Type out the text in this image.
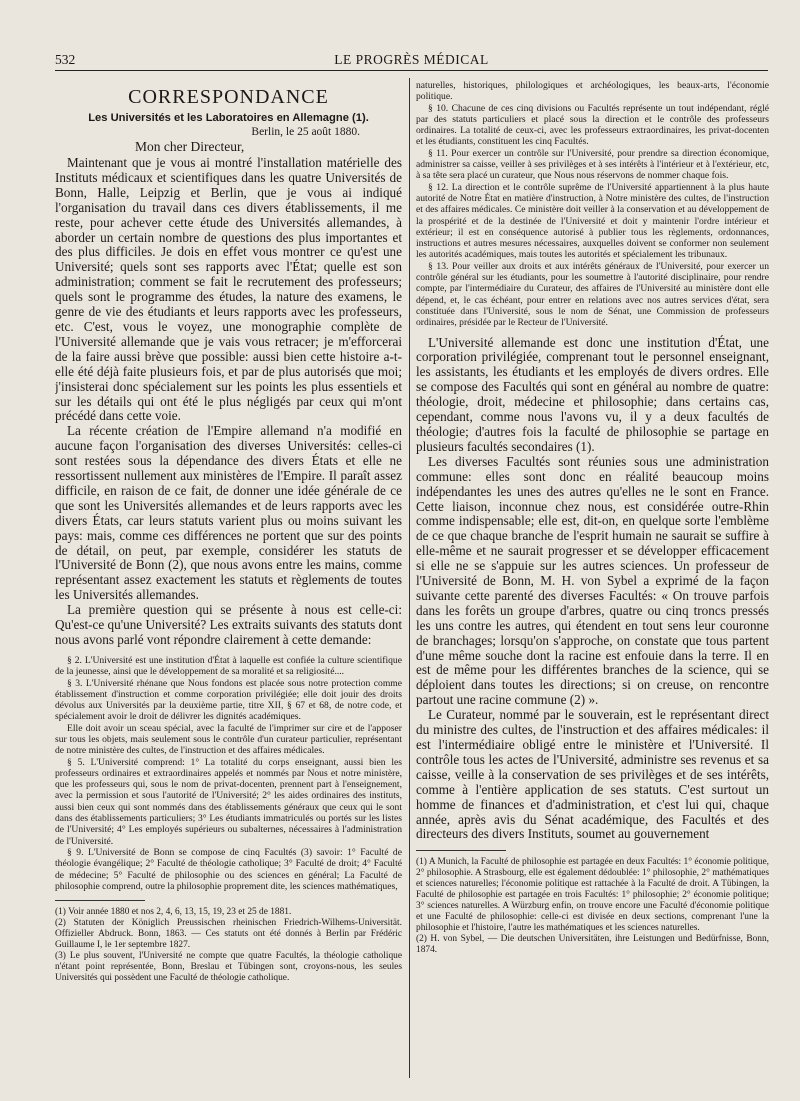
532	LE PROGRÈS MÉDICAL
CORRESPONDANCE
Les Universités et les Laboratoires en Allemagne (1).
Berlin, le 25 août 1880.
Mon cher Directeur,

Maintenant que je vous ai montré l'installation matérielle des Instituts médicaux et scientifiques dans les quatre Universités de Bonn, Halle, Leipzig et Berlin, que je vous ai indiqué l'organisation du travail dans ces divers établissements, il me reste, pour achever cette étude des Universités allemandes, à aborder un certain nombre de questions des plus importantes et des plus difficiles. Je dois en effet vous montrer ce qu'est une Université; quels sont ses rapports avec l'État; quelle est son administration; comment se fait le recrutement des professeurs; quels sont le programme des études, la nature des examens, le genre de vie des étudiants et leurs rapports avec les professeurs, etc. C'est, vous le voyez, une monographie complète de l'Université allemande que je vais vous retracer; je m'efforcerai de la faire aussi brève que possible: aussi bien cette histoire a-t-elle été déjà faite plusieurs fois, et par de plus autorisés que moi; j'insisterai donc spécialement sur les points les plus essentiels et sur les détails qui ont été le plus négligés par ceux qui m'ont précédé dans cette voie.

La récente création de l'Empire allemand n'a modifié en aucune façon l'organisation des diverses Universités: celles-ci sont restées sous la dépendance des divers États et elle ne ressortissent nullement aux ministères de l'Empire. Il paraît assez difficile, en raison de ce fait, de donner une idée générale de ce que sont les Universités allemandes et de leurs rapports avec les divers États, car leurs statuts varient plus ou moins suivant les pays: mais, comme ces différences ne portent que sur des points de détail, on peut, par exemple, considérer les statuts de l'Université de Bonn (2), que nous avons entre les mains, comme représentant assez exactement les statuts et règlements de toutes les Universités allemandes.

La première question qui se présente à nous est celle-ci: Qu'est-ce qu'une Université? Les extraits suivants des statuts dont nous avons parlé vont répondre clairement à cette demande:

§ 2. L'Université est une institution d'État à laquelle est confiée la culture scientifique de la jeunesse, ainsi que le développement de sa moralité et sa religiosité....

§ 3. L'Université rhénane que Nous fondons est placée sous notre protection comme établissement d'instruction et comme corporation privilégiée; elle doit jouir des droits dévolus aux Universités par la deuxième partie, titre XII, § 67 et 68, de notre code, et spécialement avoir le droit de délivrer les dignités académiques.

Elle doit avoir un sceau spécial, avec la faculté de l'imprimer sur cire et de l'apposer sur tous les objets, mais seulement sous le contrôle d'un curateur particulier, représentant de notre ministère des cultes, de l'instruction et des affaires médicales.

§ 5. L'Université comprend: 1° La totalité du corps enseignant, aussi bien les professeurs ordinaires et extraordinaires appelés et nommés par Nous et notre ministère, que les professeurs qui, sous le nom de privat-docenten, prennent part à l'enseignement, avec la permission et sous l'autorité de l'Université; 2° les aides ordinaires des instituts, aussi bien ceux qui sont nommés dans des établissements généraux que ceux qui le sont dans des établissements particuliers; 3° Les étudiants immatriculés ou portés sur les listes de l'Université; 4° Les employés supérieurs ou subalternes, nécessaires à l'administration de l'Université.

§ 9. L'Université de Bonn se compose de cinq Facultés (3) savoir: 1° Faculté de théologie évangélique; 2° Faculté de théologie catholique; 3° Faculté de droit; 4° Faculté de médecine; 5° Faculté de philosophie ou des sciences en général; La Faculté de philosophie comprend, outre la philosophie proprement dite, les sciences mathématiques,

(1) Voir année 1880 et nos 2, 4, 6, 13, 15, 19, 23 et 25 de 1881.

(2) Statuten der Königlich Preussischen rheinischen Friedrich-Wilhems-Universität. Offizieller Abdruck. Bonn, 1863. — Ces statuts ont été donnés à Berlin par Frédéric Guillaume I, le 1er septembre 1827.

(3) Le plus souvent, l'Université ne compte que quatre Facultés, la théologie catholique n'étant point représentée, Bonn, Breslau et Tübingen sont, croyons-nous, les seules Universités qui possèdent une Faculté de théologie catholique.

naturelles, historiques, philologiques et archéologiques, les beaux-arts, l'économie politique.

§ 10. Chacune de ces cinq divisions ou Facultés représente un tout indépendant, réglé par des statuts particuliers et placé sous la direction et le contrôle des professeurs ordinaires. La totalité de ceux-ci, avec les professeurs extraordinaires, les privat-docenten et les étudiants, constituent les cinq Facultés.

§ 11. Pour exercer un contrôle sur l'Université, pour prendre sa direction économique, administrer sa caisse, veiller à ses privilèges et à ses intérêts à l'intérieur et à l'extérieur, etc, à sa tête sera placé un curateur, que Nous nous réservons de nommer chaque fois.

§ 12. La direction et le contrôle suprême de l'Université appartiennent à la plus haute autorité de Notre État en matière d'instruction, à Notre ministère des cultes, de l'instruction et des affaires médicales. Ce ministère doit veiller à la conservation et au développement de la prospérité et de la destinée de l'Université et doit y maintenir l'ordre intérieur et extérieur; il est en conséquence autorisé à publier tous les règlements, ordonnances, instructions et autres mesures nécessaires, auxquelles doivent se conformer non seulement les autorités académiques, mais toutes les autorités et spécialement les tribunaux.

§ 13. Pour veiller aux droits et aux intérêts généraux de l'Université, pour exercer un contrôle général sur les étudiants, pour les soumettre à l'autorité disciplinaire, pour rendre compte, par l'intermédiaire du Curateur, des affaires de l'Université au ministère dont elle dépend, et, le cas échéant, pour entrer en relations avec nos autres services d'état, sera constituée dans l'Université, sous le nom de Sénat, une Commission de professeurs ordinaires, présidée par le Recteur de l'Université.

L'Université allemande est donc une institution d'État, une corporation privilégiée, comprenant tout le personnel enseignant, les assistants, les étudiants et les employés de divers ordres. Elle se compose des Facultés qui sont en général au nombre de quatre: théologie, droit, médecine et philosophie; dans certains cas, cependant, comme nous l'avons vu, il y a deux facultés de théologie; d'autres fois la faculté de philosophie se partage en plusieurs facultés secondaires (1).

Les diverses Facultés sont réunies sous une administration commune: elles sont donc en réalité beaucoup moins indépendantes les unes des autres qu'elles ne le sont en France. Cette liaison, inconnue chez nous, est considérée outre-Rhin comme indispensable; elle est, dit-on, en quelque sorte l'emblème de ce que chaque branche de l'esprit humain ne saurait se suffire à elle-même et ne saurait progresser et se développer efficacement si elle ne se s'appuie sur les autres sciences. Un professeur de l'Université de Bonn, M. H. von Sybel a exprimé de la façon suivante cette parenté des diverses Facultés: « On trouve parfois dans les forêts un groupe d'arbres, quatre ou cinq troncs pressés les uns contre les autres, qui étendent en tout sens leur couronne de branchages; lorsqu'on s'approche, on constate que tous partent d'une même souche dont la racine est enfouie dans la terre. Il en est de même pour les différentes branches de la science, qui se déploient dans toutes les directions; si on creuse, on rencontre partout une racine commune (2) ».

Le Curateur, nommé par le souverain, est le représentant direct du ministre des cultes, de l'instruction et des affaires médicales: il est l'intermédiaire obligé entre le ministère et l'Université. Il contrôle tous les actes de l'Université, administre ses revenus et sa caisse, veille à la conservation de ses privilèges et de ses intérêts, comme à l'entière application de ses statuts. C'est surtout un homme de finances et d'administration, et c'est lui qui, chaque année, après avis du Sénat académique, des Facultés et des directeurs des divers Instituts, soumet au gouvernement

(1) A Munich, la Faculté de philosophie est partagée en deux Facultés: 1° économie politique, 2° philosophie. A Strasbourg, elle est également dédoublée: 1° philosophie, 2° mathématiques et sciences naturelles; l'économie politique est rattachée à la Faculté de droit. A Tübingen, la Faculté de philosophie est partagée en trois Facultés: 1° philosophie; 2° économie politique; 3° sciences naturelles. A Würzburg enfin, on trouve encore une Faculté d'économie politique et une Faculté de philosophie: celle-ci est divisée en deux sections, comprenant l'une la philosophie et l'histoire, l'autre les mathématiques et les sciences naturelles.

(2) H. von Sybel, — Die deutschen Universitäten, ihre Leistungen und Bedürfnisse, Bonn, 1874.
